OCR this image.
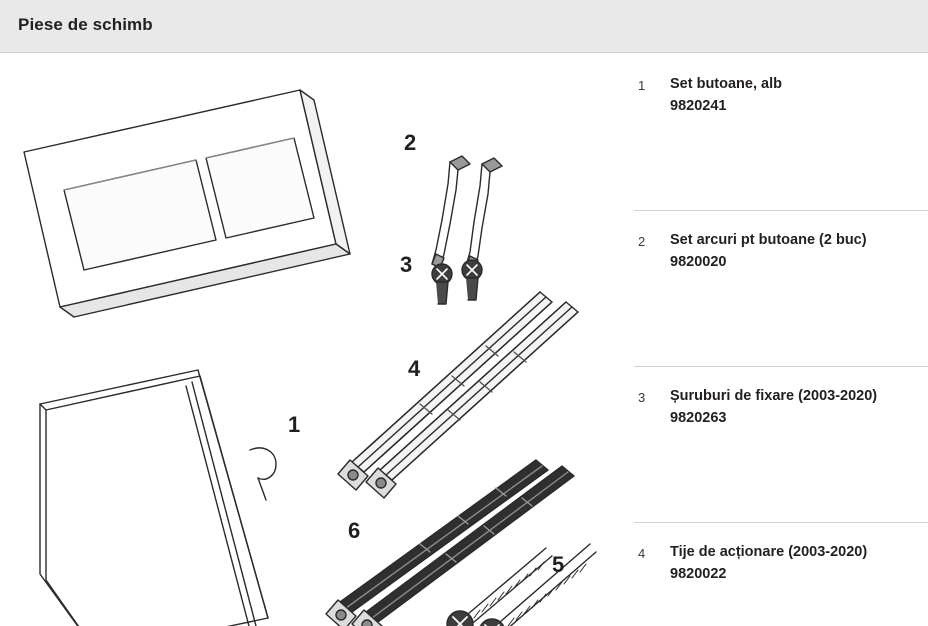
Piese de schimb
2
3
4
1
6
5
1	Set butoane, alb
9820241
2	Set arcuri pt butoane (2 buc)
9820020
3	Șuruburi de fixare (2003-2020)
9820263
4	Tije de acționare (2003-2020)
9820022
